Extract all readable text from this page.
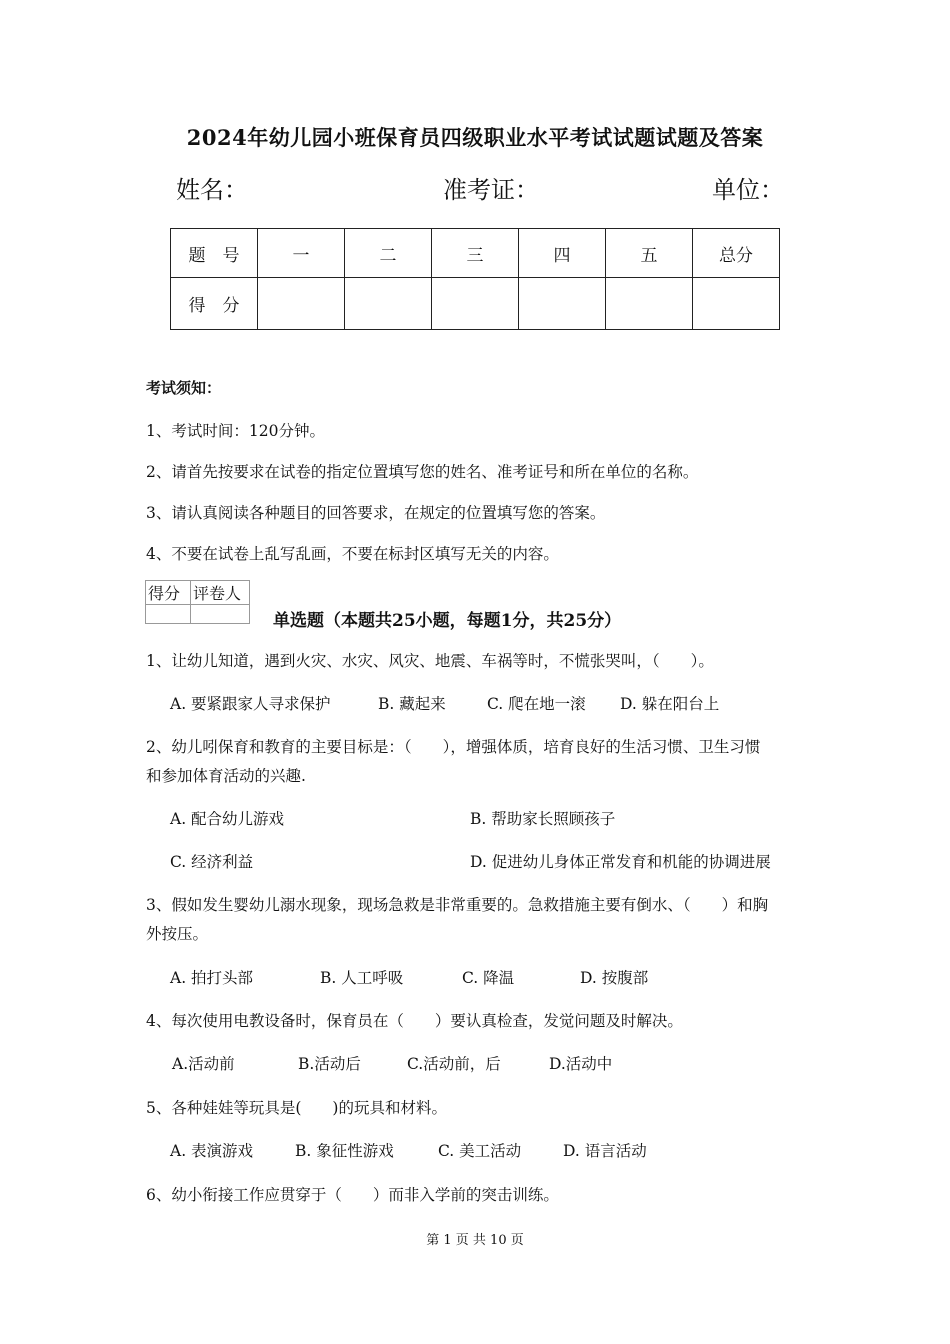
2024年幼儿园小班保育员四级职业水平考试试题试题及答案
姓名：	准考证：	单位：
题　号	一	二	三	四	五	总分
得　分						
考试须知：
1、考试时间：120分钟。
2、请首先按要求在试卷的指定位置填写您的姓名、准考证号和所在单位的名称。
3、请认真阅读各种题目的回答要求，在规定的位置填写您的答案。
4、不要在试卷上乱写乱画，不要在标封区填写无关的内容。
得分	评卷人

单选题（本题共25小题，每题1分，共25分）
1、让幼儿知道，遇到火灾、水灾、风灾、地震、车祸等时，不慌张哭叫，（　　）。
A. 要紧跟家人寻求保护	B. 藏起来	C. 爬在地一滚 D. 躲在阳台上
2、幼儿吲保育和教育的主要目标是：（　　），增强体质，培育良好的生活习惯、卫生习惯
和参加体育活动的兴趣.
A. 配合幼儿游戏	B. 帮助家长照顾孩子
C. 经济利益	D. 促进幼儿身体正常发育和机能的协调进展
3、假如发生婴幼儿溺水现象，现场急救是非常重要的。急救措施主要有倒水、（　　）和胸
外按压。
A. 拍打头部	B. 人工呼吸	C. 降温	D. 按腹部
4、每次使用电教设备时，保育员在（　　）要认真检查，发觉问题及时解决。
A.活动前	B.活动后	C.活动前，后	D.活动中
5、各种娃娃等玩具是(　　)的玩具和材料。
A. 表演游戏	B. 象征性游戏	C. 美工活动	D. 语言活动
6、幼小衔接工作应贯穿于（　　）而非入学前的突击训练。
第 1 页 共 10 页
